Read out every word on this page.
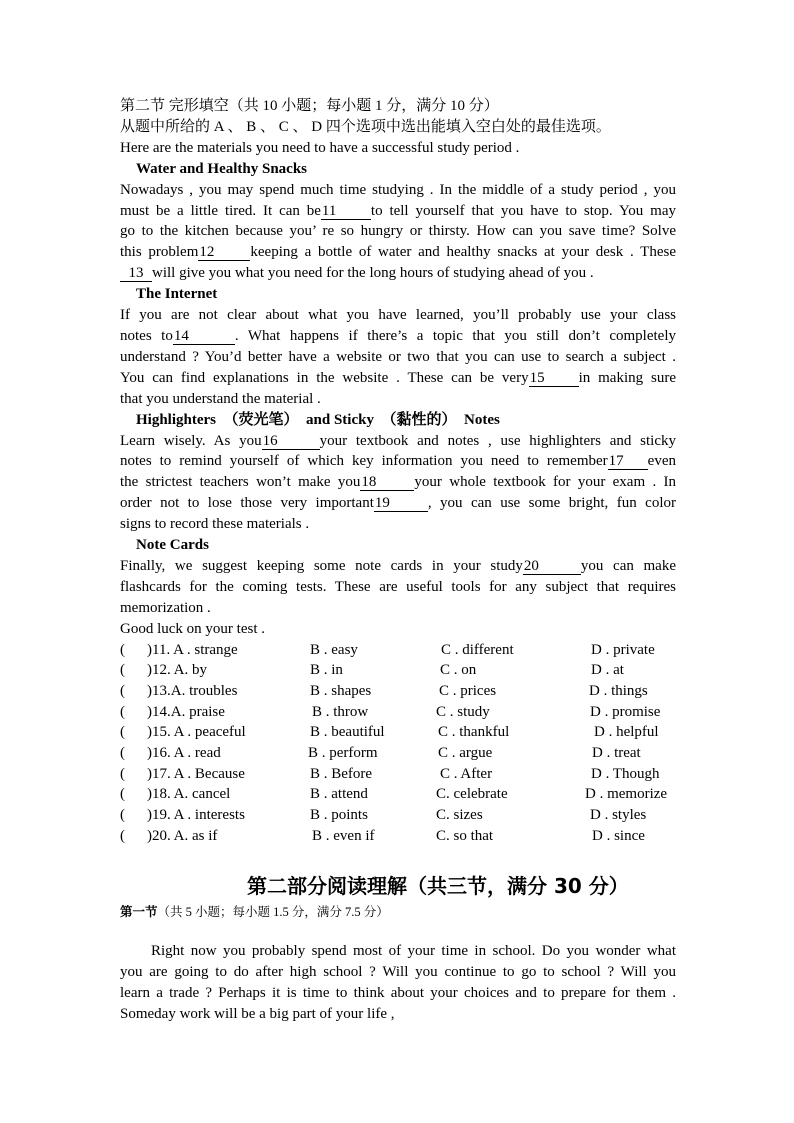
第二节 完形填空（共 10 小题；每小题 1 分，满分 10 分）
从题中所给的 A 、 B 、 C 、 D 四个选项中选出能填入空白处的最佳选项。
Here are the materials you need to have a successful study period .
Water and Healthy Snacks
Nowadays , you may spend much time studying . In the middle of a study period , you
must be a little tired. It can be11 to tell yourself that you have to stop. You may
go to the kitchen because you’ re so hungry or thirsty. How can you save time? Solve
this problem12 keeping a bottle of water and healthy snacks at your desk . These
13 will give you what you need for the long hours of studying ahead of you .
The Internet
If you are not clear about what you have learned, you’ll probably use your class
notes to14	. What happens if there’s a topic that you still don’t completely
understand ? You’d better have a website or two that you can use to search a subject .
You can find explanations in the website . These can be very15 in making sure
that you understand the material .
Highlighters （荧光笔） and Sticky （黏性的） Notes
Learn wisely. As you16	your textbook and notes , use highlighters and sticky
notes to remind yourself of which key information you need to remember17 even
the strictest teachers won’t make you18	your whole textbook for your exam . In
order not to lose those very important19	, you can use some bright, fun color
signs to record these materials .
Note Cards
Finally, we suggest keeping some note cards in your study20	you can make
flashcards for the coming tests. These are useful tools for any subject that requires
memorization .
Good luck on your test .
( )11. A . strange	B . easy	C . different	D . private
( )12. A. by	B . in	C . on	D . at
( )13.A. troubles	B . shapes	C . prices	D . things
( )14.A. praise	B . throw	C . study	D . promise
( )15. A . peaceful	B . beautiful	C . thankful	D . helpful
( )16. A . read	B . perform	C . argue	D . treat
( )17. A . Because	B . Before	C . After	D . Though
( )18. A. cancel	B . attend	C. celebrate	D . memorize
( )19. A . interests	B . points	C. sizes	D . styles
( )20. A. as if	B . even if	C. so that	D . since
第二部分阅读理解（共三节，满分 30 分）
第一节（共 5 小题；每小题 1.5 分，满分 7.5 分）
Right now you probably spend most of your time in school. Do you wonder what
you are going to do after high school ? Will you continue to go to school ? Will you
learn a trade ? Perhaps it is time to think about your choices and to prepare for them .
Someday work will be a big part of your life ,
